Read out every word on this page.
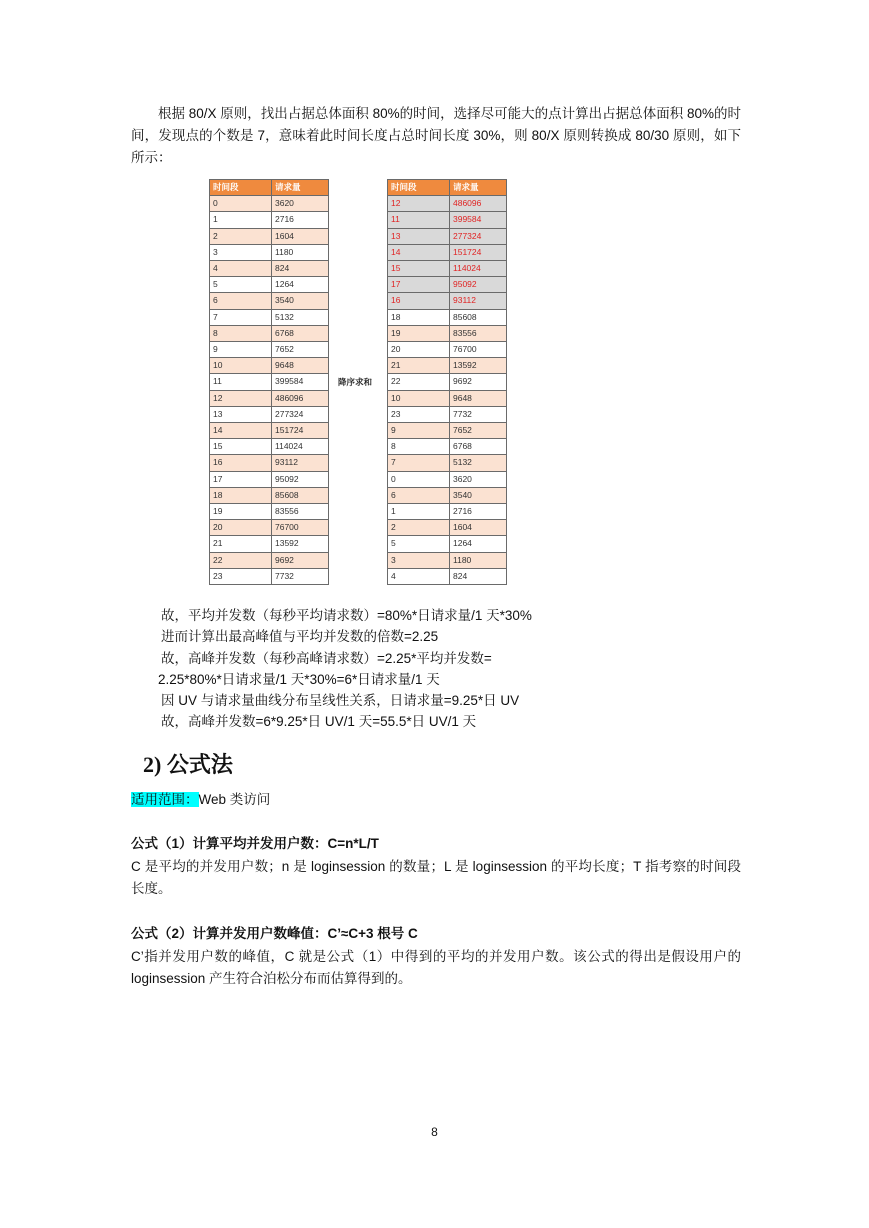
根据 80/X 原则，找出占据总体面积 80%的时间，选择尽可能大的点计算出占据总体面积 80%的时间，发现点的个数是 7，意味着此时间长度占总时间长度 30%，则 80/X 原则转换成 80/30 原则，如下所示：

时间段	请求量
0	3620
1	2716
2	1604
3	1180
4	824
5	1264
6	3540
7	5132
8	6768
9	7652
10	9648
11	399584
12	486096
13	277324
14	151724
15	114024
16	93112
17	95092
18	85608
19	83556
20	76700
21	13592
22	9692
23	7732
降序求和
时间段	请求量
12	486096
11	399584
13	277324
14	151724
15	114024
17	95092
16	93112
18	85608
19	83556
20	76700
21	13592
22	9692
10	9648
23	7732
9	7652
8	6768
7	5132
0	3620
6	3540
1	2716
2	1604
5	1264
3	1180
4	824
故，平均并发数（每秒平均请求数）=80%*日请求量/1 天*30%
进而计算出最高峰值与平均并发数的倍数=2.25
故，高峰并发数（每秒高峰请求数）=2.25*平均并发数=
2.25*80%*日请求量/1 天*30%=6*日请求量/1 天
因 UV 与请求量曲线分布呈线性关系，日请求量=9.25*日 UV
故，高峰并发数=6*9.25*日 UV/1 天=55.5*日 UV/1 天
2) 公式法
适用范围：Web 类访问
公式（1）计算平均并发用户数：C=n*L/T

C 是平均的并发用户数；n 是 loginsession 的数量；L 是 loginsession 的平均长度；T 指考察的时间段长度。

公式（2）计算并发用户数峰值：C’≈C+3 根号 C

C’指并发用户数的峰值，C 就是公式（1）中得到的平均的并发用户数。该公式的得出是假设用户的 loginsession 产生符合泊松分布而估算得到的。

8
